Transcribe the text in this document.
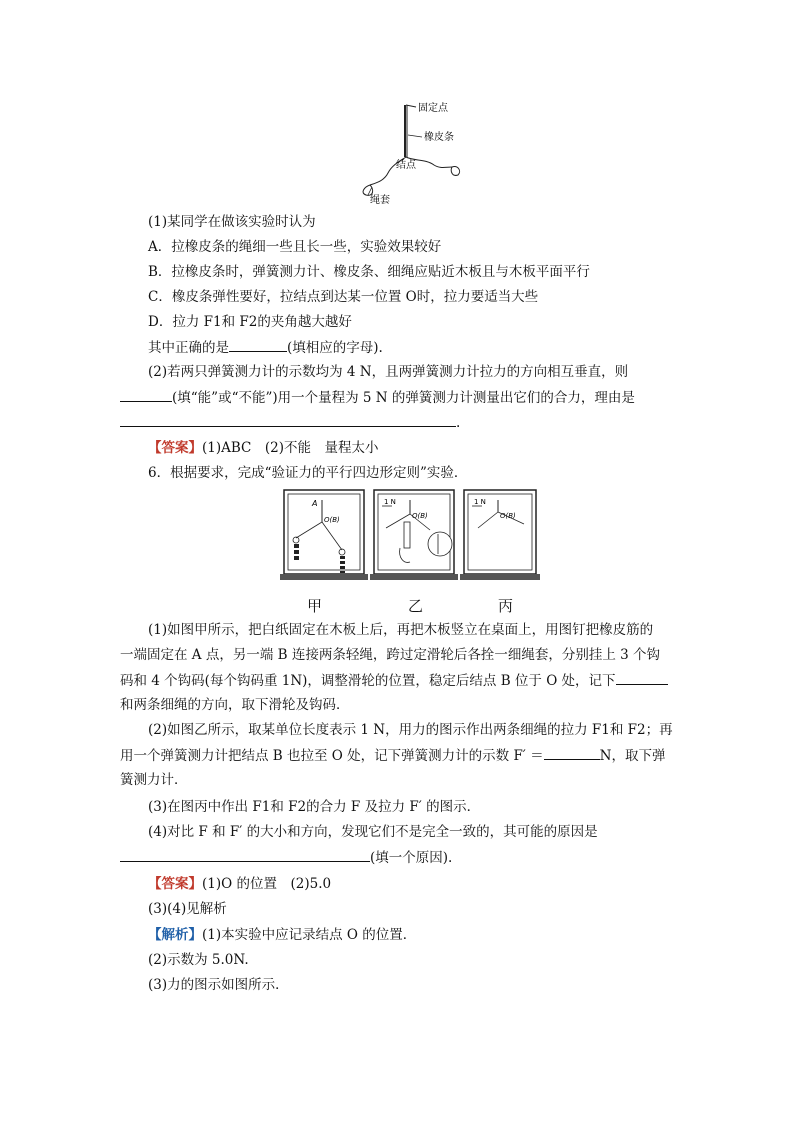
固定点
橡皮条
结点
绳套
(1)某同学在做该实验时认为
A．拉橡皮条的绳细一些且长一些，实验效果较好
B．拉橡皮条时，弹簧测力计、橡皮条、细绳应贴近木板且与木板平面平行
C．橡皮条弹性要好，拉结点到达某一位置 O时，拉力要适当大些
D．拉力 F1和 F2的夹角越大越好
其中正确的是	(填相应的字母).
(2)若两只弹簧测力计的示数均为 4 N，且两弹簧测力计拉力的方向相互垂直，则
(填“能”或“不能”)用一个量程为 5 N 的弹簧测力计测量出它们的合力，理由是
.
【答案】(1)ABC　(2)不能　量程太小
6．根据要求，完成“验证力的平行四边形定则”实验．
A
O(B)
1 N
O(B)
1 N
O(B)
甲	乙	丙
(1)如图甲所示，把白纸固定在木板上后，再把木板竖立在桌面上，用图钉把橡皮筋的
一端固定在 A 点，另一端 B 连接两条轻绳，跨过定滑轮后各拴一细绳套，分别挂上 3 个钩
码和 4 个钩码(每个钩码重 1N)，调整滑轮的位置，稳定后结点 B 位于 O 处，记下
和两条细绳的方向，取下滑轮及钩码．
(2)如图乙所示，取某单位长度表示 1 N，用力的图示作出两条细绳的拉力 F1和 F2；再
用一个弹簧测力计把结点 B 也拉至 O 处，记下弹簧测力计的示数 F′ ＝	N，取下弹
簧测力计．
(3)在图丙中作出 F1和 F2的合力 F 及拉力 F′ 的图示．
(4)对比 F 和 F′ 的大小和方向，发现它们不是完全一致的，其可能的原因是
(填一个原因).
【答案】(1)O 的位置　(2)5.0
(3)(4)见解析
【解析】(1)本实验中应记录结点 O 的位置．
(2)示数为 5.0N.
(3)力的图示如图所示．
